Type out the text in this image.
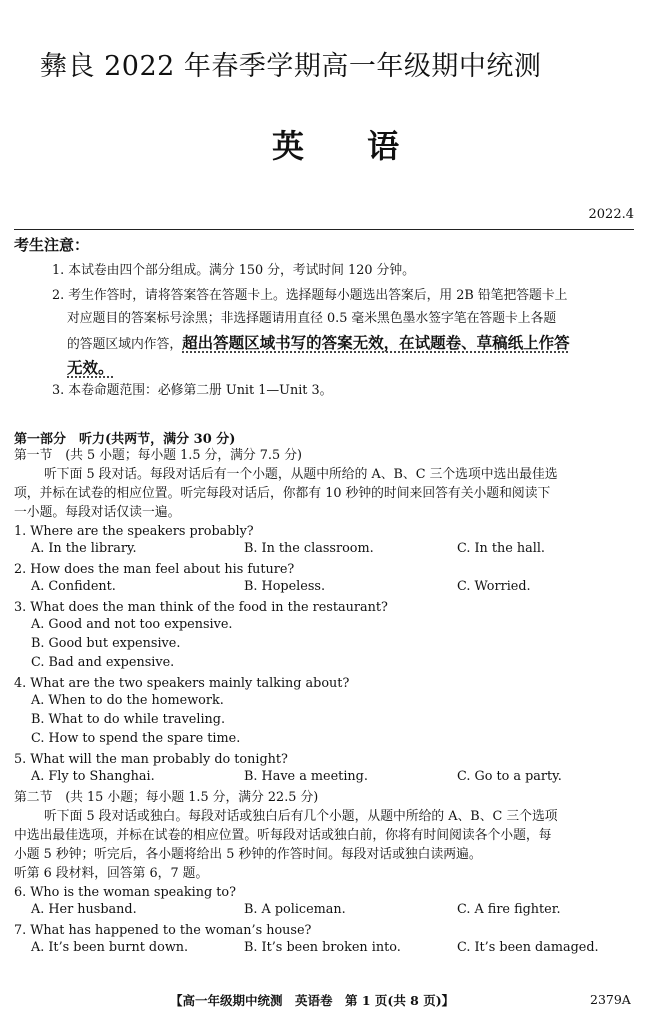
彝良 2022 年春季学期高一年级期中统测
英 语
2022.4
考生注意：
1. 本试卷由四个部分组成。满分 150 分，考试时间 120 分钟。
2. 考生作答时，请将答案答在答题卡上。选择题每小题选出答案后，用 2B 铅笔把答题卡上
对应题目的答案标号涂黑；非选择题请用直径 0.5 毫米黑色墨水签字笔在答题卡上各题
的答题区域内作答，超出答题区域书写的答案无效，在试题卷、草稿纸上作答
无效。
3. 本卷命题范围：必修第二册 Unit 1—Unit 3。
第一部分　听力(共两节，满分 30 分)
第一节　(共 5 小题；每小题 1.5 分，满分 7.5 分)
听下面 5 段对话。每段对话后有一个小题，从题中所给的 A、B、C 三个选项中选出最佳选
项，并标在试卷的相应位置。听完每段对话后，你都有 10 秒钟的时间来回答有关小题和阅读下
一小题。每段对话仅读一遍。
1. Where are the speakers probably?
A. In the library.	B. In the classroom.	C. In the hall.
2. How does the man feel about his future?
A. Confident.	B. Hopeless.	C. Worried.
3. What does the man think of the food in the restaurant?
A. Good and not too expensive.
B. Good but expensive.
C. Bad and expensive.
4. What are the two speakers mainly talking about?
A. When to do the homework.
B. What to do while traveling.
C. How to spend the spare time.
5. What will the man probably do tonight?
A. Fly to Shanghai.	B. Have a meeting.	C. Go to a party.
第二节　(共 15 小题；每小题 1.5 分，满分 22.5 分)
听下面 5 段对话或独白。每段对话或独白后有几个小题，从题中所给的 A、B、C 三个选项
中选出最佳选项，并标在试卷的相应位置。听每段对话或独白前，你将有时间阅读各个小题，每
小题 5 秒钟；听完后，各小题将给出 5 秒钟的作答时间。每段对话或独白读两遍。
听第 6 段材料，回答第 6，7 题。
6. Who is the woman speaking to?
A. Her husband.	B. A policeman.	C. A fire fighter.
7. What has happened to the woman’s house?
A. It’s been burnt down.	B. It’s been broken into.	C. It’s been damaged.
【高一年级期中统测　英语卷　第 1 页(共 8 页)】	2379A
